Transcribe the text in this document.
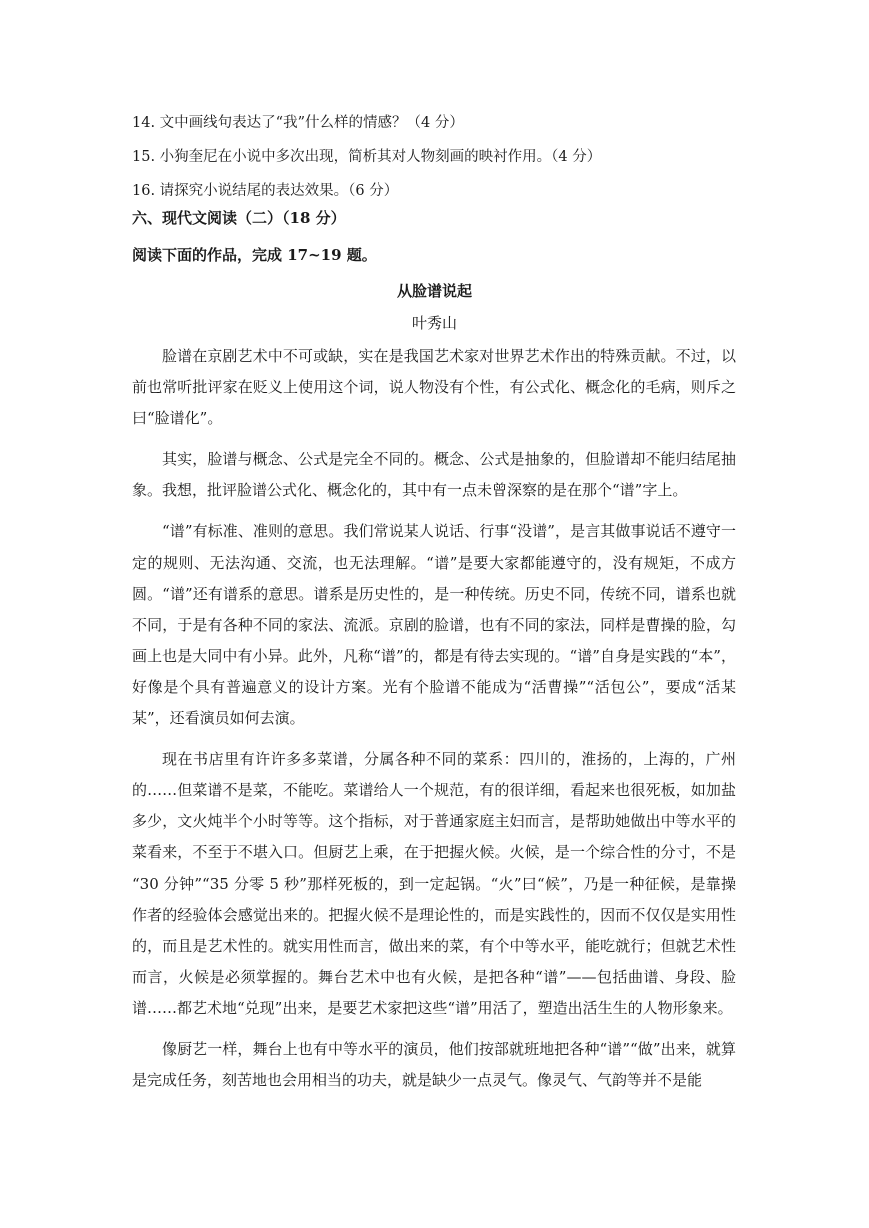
14. 文中画线句表达了“我”什么样的情感？（4 分）
15. 小狗奎尼在小说中多次出现，简析其对人物刻画的映衬作用。（4 分）
16. 请探究小说结尾的表达效果。（6 分）
六、现代文阅读（二）（18 分）
阅读下面的作品，完成 17~19 题。
从脸谱说起
叶秀山

脸谱在京剧艺术中不可或缺，实在是我国艺术家对世界艺术作出的特殊贡献。不过，以前也常听批评家在贬义上使用这个词，说人物没有个性，有公式化、概念化的毛病，则斥之曰“脸谱化”。

其实，脸谱与概念、公式是完全不同的。概念、公式是抽象的，但脸谱却不能归结尾抽象。我想，批评脸谱公式化、概念化的，其中有一点未曾深察的是在那个“谱”字上。

“谱”有标准、准则的意思。我们常说某人说话、行事“没谱”，是言其做事说话不遵守一定的规则、无法沟通、交流，也无法理解。“谱”是要大家都能遵守的，没有规矩，不成方圆。“谱”还有谱系的意思。谱系是历史性的，是一种传统。历史不同，传统不同，谱系也就不同，于是有各种不同的家法、流派。京剧的脸谱，也有不同的家法，同样是曹操的脸，勾画上也是大同中有小异。此外，凡称“谱”的，都是有待去实现的。“谱”自身是实践的“本”，好像是个具有普遍意义的设计方案。光有个脸谱不能成为“活曹操”“活包公”，要成“活某某”，还看演员如何去演。

现在书店里有许许多多菜谱，分属各种不同的菜系：四川的，淮扬的，上海的，广州的……但菜谱不是菜，不能吃。菜谱给人一个规范，有的很详细，看起来也很死板，如加盐多少，文火炖半个小时等等。这个指标，对于普通家庭主妇而言，是帮助她做出中等水平的菜看来，不至于不堪入口。但厨艺上乘，在于把握火候。火候，是一个综合性的分寸，不是 “30 分钟”“35 分零 5 秒”那样死板的，到一定起锅。“火”曰“候”，乃是一种征候，是靠操作者的经验体会感觉出来的。把握火候不是理论性的，而是实践性的，因而不仅仅是实用性的，而且是艺术性的。就实用性而言，做出来的菜，有个中等水平，能吃就行；但就艺术性而言，火候是必须掌握的。舞台艺术中也有火候，是把各种“谱”——包括曲谱、身段、脸谱……都艺术地“兑现”出来，是要艺术家把这些“谱”用活了，塑造出活生生的人物形象来。

像厨艺一样，舞台上也有中等水平的演员，他们按部就班地把各种“谱”“做”出来，就算是完成任务，刻苦地也会用相当的功夫，就是缺少一点灵气。像灵气、气韵等并不是能
